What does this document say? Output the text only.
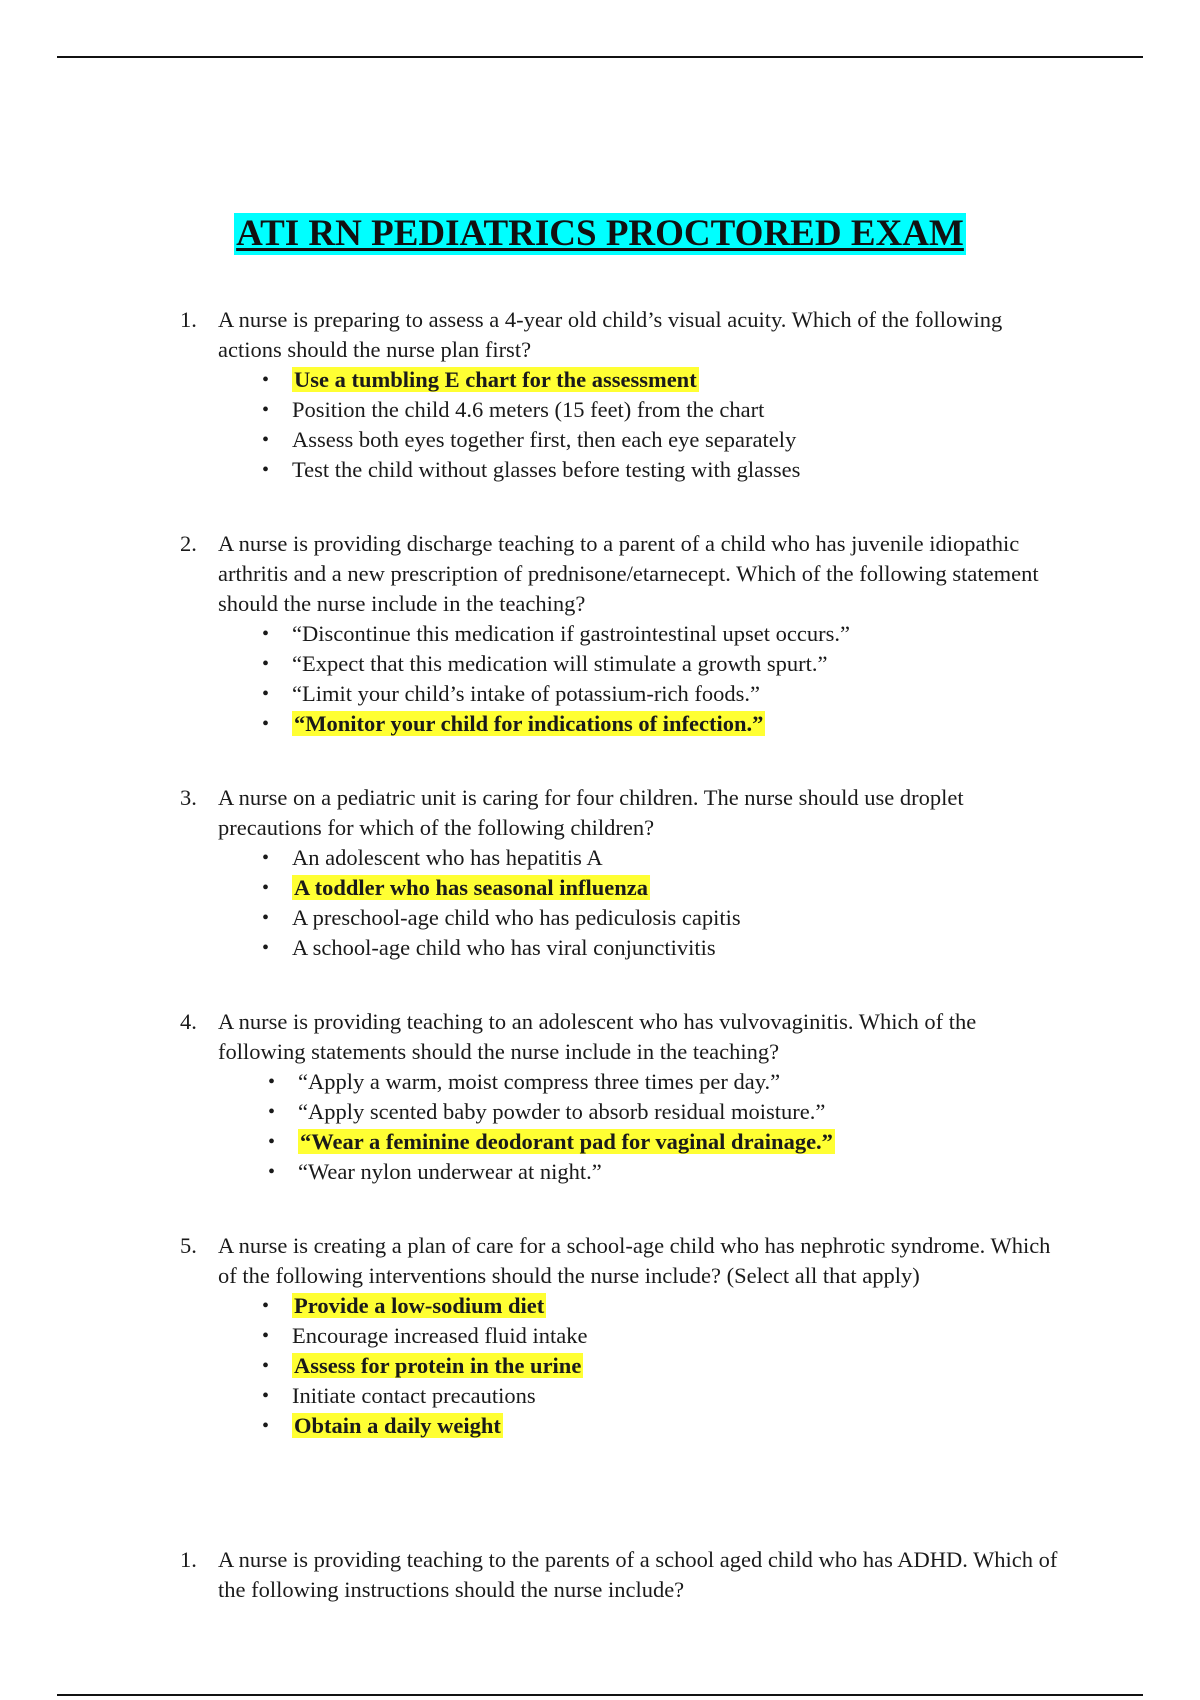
ATI RN PEDIATRICS PROCTORED EXAM
1. A nurse is preparing to assess a 4-year old child’s visual acuity. Which of the following actions should the nurse plan first?
• Use a tumbling E chart for the assessment
• Position the child 4.6 meters (15 feet) from the chart
• Assess both eyes together first, then each eye separately
• Test the child without glasses before testing with glasses
2. A nurse is providing discharge teaching to a parent of a child who has juvenile idiopathic arthritis and a new prescription of prednisone/etarnecept. Which of the following statement should the nurse include in the teaching?
• “Discontinue this medication if gastrointestinal upset occurs.”
• “Expect that this medication will stimulate a growth spurt.”
• “Limit your child’s intake of potassium-rich foods.”
• “Monitor your child for indications of infection.”
3. A nurse on a pediatric unit is caring for four children. The nurse should use droplet precautions for which of the following children?
• An adolescent who has hepatitis A
• A toddler who has seasonal influenza
• A preschool-age child who has pediculosis capitis
• A school-age child who has viral conjunctivitis
4. A nurse is providing teaching to an adolescent who has vulvovaginitis. Which of the following statements should the nurse include in the teaching?
• “Apply a warm, moist compress three times per day.”
• “Apply scented baby powder to absorb residual moisture.”
• “Wear a feminine deodorant pad for vaginal drainage.”
• “Wear nylon underwear at night.”
5. A nurse is creating a plan of care for a school-age child who has nephrotic syndrome. Which of the following interventions should the nurse include? (Select all that apply)
• Provide a low-sodium diet
• Encourage increased fluid intake
• Assess for protein in the urine
• Initiate contact precautions
• Obtain a daily weight
1. A nurse is providing teaching to the parents of a school aged child who has ADHD. Which of the following instructions should the nurse include?
